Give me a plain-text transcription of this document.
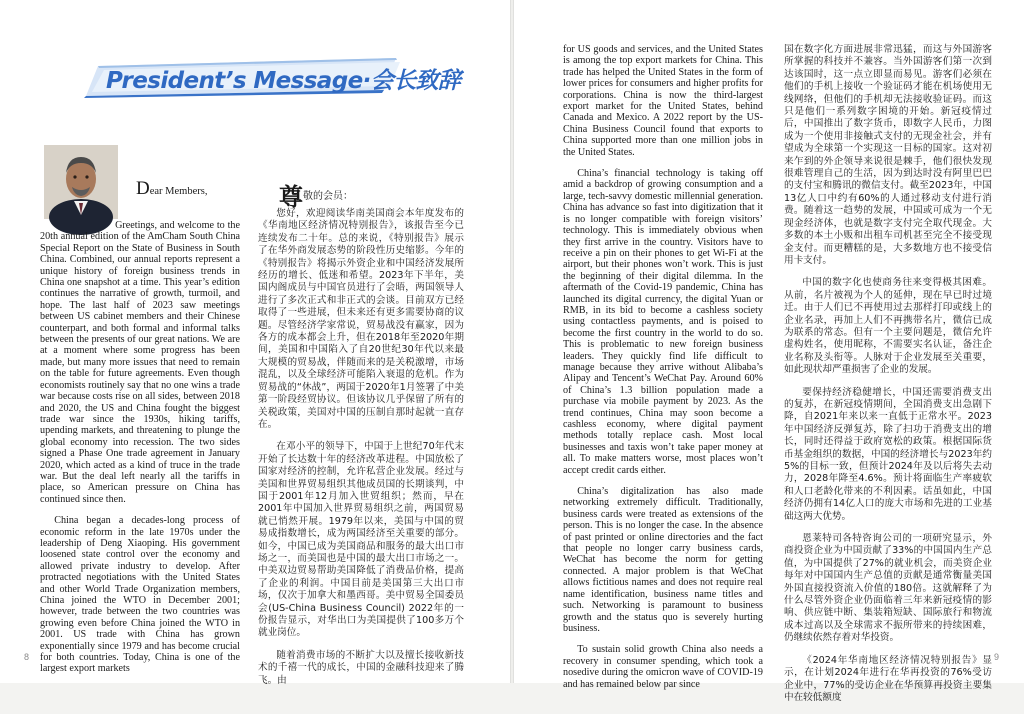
President’s Message·会长致辞
Dear Members,	尊敬的会员：

Greetings, and welcome to the 20th annual edition of the AmCham South China Special Report on the State of Business in South China. Combined, our annual reports represent a unique history of foreign business trends in China one snapshot at a time. This year’s edition continues the narrative of growth, turmoil, and hope. The last half of 2023 saw meetings between US cabinet members and their Chinese counterpart, and both formal and informal talks between the presents of our great nations. We are at a moment where some progress has been made, but many more issues that need to remain on the table for future agreements. Even though economists routinely say that no one wins a trade war because costs rise on all sides, between 2018 and 2020, the US and China fought the biggest trade war since the 1930s, hiking tariffs, upending markets, and threatening to plunge the global economy into recession. The two sides signed a Phase One trade agreement in January 2020, which acted as a kind of truce in the trade war. But the deal left nearly all the tariffs in place, so American pressure on China has continued since then.

China began a decades-long process of economic reform in the late 1970s under the leadership of Deng Xiaoping. His government loosened state control over the economy and allowed private industry to develop. After protracted negotiations with the United States and other World Trade Organization members, China joined the WTO in December 2001; however, trade between the two countries was growing even before China joined the WTO in 2001. US trade with China has grown exponentially since 1979 and has become crucial for both countries. Today, China is one of the largest export markets

您好，欢迎阅读华南美国商会本年度发布的《华南地区经济情况特别报告》，该报告至今已连续发布二十年。总的来说，《特别报告》展示了在华外商发展态势的阶段性历史缩影。今年的《特别报告》将揭示外资企业和中国经济发展所经历的增长、低迷和希望。2023年下半年，美国内阁成员与中国官员进行了会晤，两国领导人进行了多次正式和非正式的会谈。目前双方已经取得了一些进展，但未来还有更多需要协商的议题。尽管经济学家常说，贸易战没有赢家，因为各方的成本都会上升，但在2018年至2020年期间，美国和中国陷入了自20世纪30年代以来最大规模的贸易战，伴随而来的是关税激增，市场混乱，以及全球经济可能陷入衰退的危机。作为贸易战的“休战”，两国于2020年1月签署了中美第一阶段经贸协议。但该协议几乎保留了所有的关税政策，美国对中国的压制自那时起就一直存在。

在邓小平的领导下，中国于上世纪70年代末开始了长达数十年的经济改革进程。中国放松了国家对经济的控制，允许私营企业发展。经过与美国和世界贸易组织其他成员国的长期谈判，中国于2001年12月加入世贸组织；然而，早在2001年中国加入世界贸易组织之前，两国贸易就已悄然开展。1979年以来，美国与中国的贸易成指数增长，成为两国经济至关重要的部分。如今，中国已成为美国商品和服务的最大出口市场之一，而美国也是中国的最大出口市场之一。中美双边贸易帮助美国降低了消费品价格，提高了企业的利润。中国目前是美国第三大出口市场，仅次于加拿大和墨西哥。美中贸易全国委员会(US-China Business Council) 2022年的一份报告显示，对华出口为美国提供了100多万个就业岗位。

随着消费市场的不断扩大以及擅长接收新技术的千禧一代的成长，中国的金融科技迎来了腾飞。由

8

for US goods and services, and the United States is among the top export markets for China. This trade has helped the United States in the form of lower prices for consumers and higher profits for corporations. China is now the third-largest export market for the United States, behind Canada and Mexico. A 2022 report by the US-China Business Council found that exports to China supported more than one million jobs in the United States.

China’s financial technology is taking off amid a backdrop of growing consumption and a large, tech-savvy domestic millennial generation. China has advance so fast into digitization that it is no longer compatible with foreign visitors’ technology. This is immediately obvious when they first arrive in the country. Visitors have to receive a pin on their phones to get Wi-Fi at the airport, but their phones won’t work. This is just the beginning of their digital dilemma. In the aftermath of the Covid-19 pandemic, China has launched its digital currency, the digital Yuan or RMB, in its bid to become a cashless society using contactless payments, and is poised to become the first country in the world to do so. This is problematic to new foreign business leaders. They quickly find life difficult to manage because they arrive without Alibaba’s Alipay and Tencent’s WeChat Pay. Around 60% of China’s 1.3 billion population made a purchase via mobile payment by 2023. As the trend continues, China may soon become a cashless economy, where digital payment methods totally replace cash. Most local businesses and taxis won’t take paper money at all. To make matters worse, most places won’t accept credit cards either.

China’s digitalization has also made networking extremely difficult. Traditionally, business cards were treated as extensions of the person. This is no longer the case. In the absence of past printed or online directories and the fact that people no longer carry business cards, WeChat has become the norm for getting connected. A major problem is that WeChat allows fictitious names and does not require real name identification, business name titles and such. Networking is paramount to business growth and the status quo is severely hurting business.

To sustain solid growth China also needs a recovery in consumer spending, which took a nosedive during the omicron wave of COVID-19 and has remained below par since

国在数字化方面进展非常迅猛，而这与外国游客所掌握的科技并不兼容。当外国游客们第一次到达该国时，这一点立即显而易见。游客们必须在他们的手机上接收一个验证码才能在机场使用无线网络，但他们的手机却无法接收验证码。而这只是他们一系列数字困境的开始。新冠疫情过后，中国推出了数字货币，即数字人民币，力图成为一个使用非接触式支付的无现金社会，并有望成为全球第一个实现这一目标的国家。这对初来乍到的外企领导来说很是棘手，他们很快发现很难管理自己的生活，因为到达时没有阿里巴巴的支付宝和腾讯的微信支付。截至2023年，中国13亿人口中约有60%的人通过移动支付进行消费。随着这一趋势的发展，中国或可成为一个无现金经济体，也就是数字支付完全取代现金。大多数的本土小贩和出租车司机甚至完全不接受现金支付。而更糟糕的是，大多数地方也不接受信用卡支付。

中国的数字化也使商务往来变得极其困难。从前，名片被视为个人的延伸，现在早已时过境迁。由于人们已不再使用过去那样打印或线上的企业名录，再加上人们不再携带名片，微信已成为联系的常态。但有一个主要问题是，微信允许虚构姓名，使用昵称，不需要实名认证，备注企业名称及头衔等。人脉对于企业发展至关重要，如此现状却严重损害了企业的发展。

要保持经济稳健增长，中国还需要消费支出的复苏，在新冠疫情期间，全国消费支出急剧下降，自2021年来以来一直低于正常水平。2023年中国经济反弹复苏，除了扫功于消费支出的增长，同时还得益于政府宽松的政策。根据国际货币基金组织的数据，中国的经济增长与2023年约5%的目标一致，但预计2024年及以后将失去动力，2028年降至4.6%。预计将面临生产率疲软和人口老龄化带来的不利因素。话虽如此，中国经济仍拥有14亿人口的庞大市场和先进的工业基础这两大优势。

恩莱特司各特咨询公司的一项研究显示，外商投资企业为中国贡献了33%的中国国内生产总值，为中国提供了27%的就业机会，而美资企业每年对中国国内生产总值的贡献是通常衡量美国外国直接投资流入价值的180倍。这就解释了为什么尽管外资企业仍面临着三年来新冠疫情的影响、供应链中断、集装箱短缺、国际旅行和物流成本过高以及全球需求不振所带来的持续困难，仍继续依然存着对华投资。

《2024年华南地区经济情况特别报告》显示，在计划2024年进行在华再投资的76%受访企业中，77%的受访企业在华预算再投资主要集中在较低额度

9
